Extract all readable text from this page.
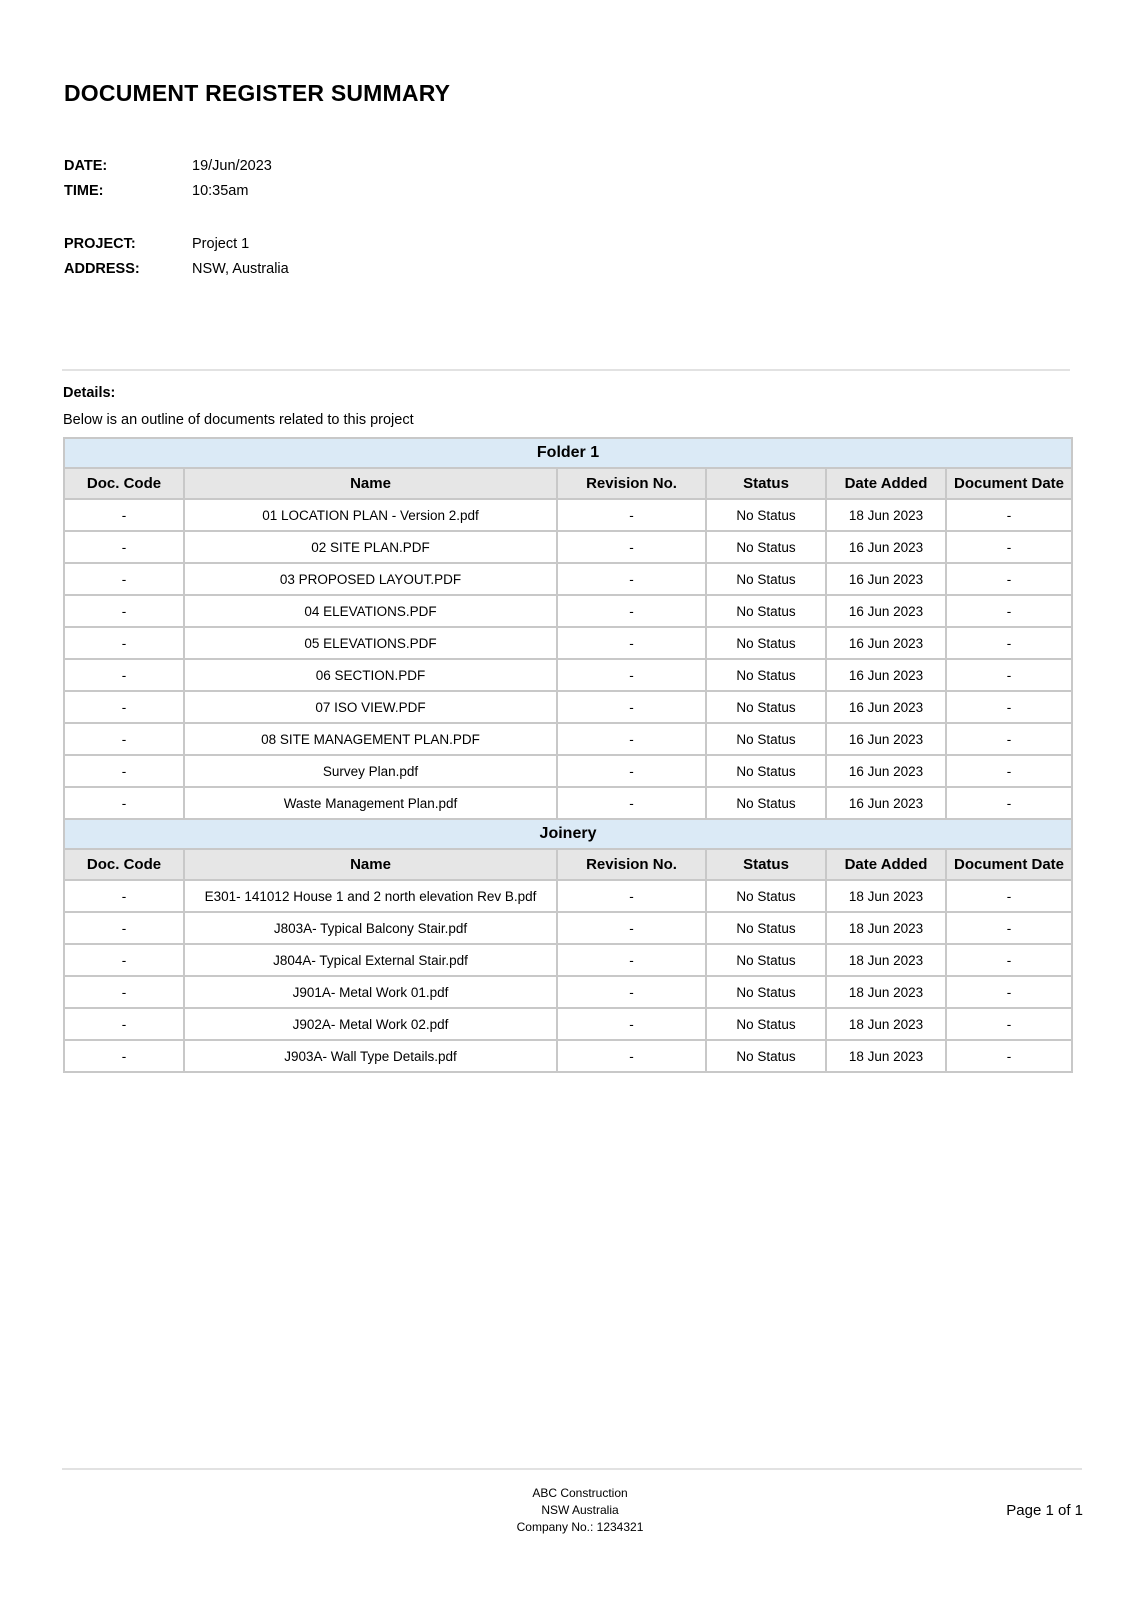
DOCUMENT REGISTER SUMMARY
DATE:	19/Jun/2023
TIME:	10:35am
PROJECT:	Project 1
ADDRESS:	NSW, Australia
Details:
Below is an outline of documents related to this project
Folder 1					
Doc. Code	Name	Revision No.	Status	Date Added	Document Date
-	01 LOCATION PLAN - Version 2.pdf	-	No Status	18 Jun 2023	-
-	02 SITE PLAN.PDF	-	No Status	16 Jun 2023	-
-	03 PROPOSED LAYOUT.PDF	-	No Status	16 Jun 2023	-
-	04 ELEVATIONS.PDF	-	No Status	16 Jun 2023	-
-	05 ELEVATIONS.PDF	-	No Status	16 Jun 2023	-
-	06 SECTION.PDF	-	No Status	16 Jun 2023	-
-	07 ISO VIEW.PDF	-	No Status	16 Jun 2023	-
-	08 SITE MANAGEMENT PLAN.PDF	-	No Status	16 Jun 2023	-
-	Survey Plan.pdf	-	No Status	16 Jun 2023	-
-	Waste Management Plan.pdf	-	No Status	16 Jun 2023	-
Joinery					
Doc. Code	Name	Revision No.	Status	Date Added	Document Date
-	E301- 141012 House 1 and 2 north elevation Rev B.pdf	-	No Status	18 Jun 2023	-
-	J803A- Typical Balcony Stair.pdf	-	No Status	18 Jun 2023	-
-	J804A- Typical External Stair.pdf	-	No Status	18 Jun 2023	-
-	J901A- Metal Work 01.pdf	-	No Status	18 Jun 2023	-
-	J902A- Metal Work 02.pdf	-	No Status	18 Jun 2023	-
-	J903A- Wall Type Details.pdf	-	No Status	18 Jun 2023	-
ABC Construction
NSW Australia
Company No.: 1234321
Page 1 of 1
